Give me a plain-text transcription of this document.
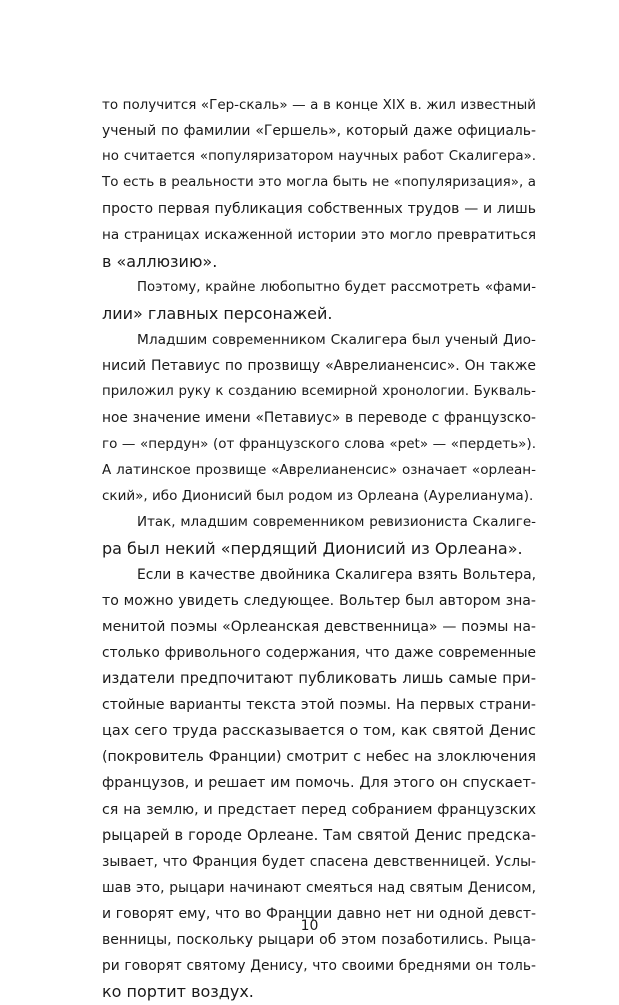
то получится «Гер-скаль» — а в конце XIX в. жил известный
ученый по фамилии «Гершель», который даже официаль-
но считается «популяризатором научных работ Скалигера».
То есть в реальности это могла быть не «популяризация», а
просто первая публикация собственных трудов — и лишь
на страницах искаженной истории это могло превратиться
в «аллюзию».
Поэтому, крайне любопытно будет рассмотреть «фами-
лии» главных персонажей.
Младшим современником Скалигера был ученый Дио-
нисий Петавиус по прозвищу «Аврелианенсис». Он также
приложил руку к созданию всемирной хронологии. Букваль-
ное значение имени «Петавиус» в переводе с французско-
го — «пердун» (от французского слова «pet» — «пердеть»).
А латинское прозвище «Аврелианенсис» означает «орлеан-
ский», ибо Дионисий был родом из Орлеана (Аурелианума).
Итак, младшим современником ревизиониста Скалиге-
ра был некий «пердящий Дионисий из Орлеана».
Если в качестве двойника Скалигера взять Вольтера,
то можно увидеть следующее. Вольтер был автором зна-
менитой поэмы «Орлеанская девственница» — поэмы на-
столько фривольного содержания, что даже современные
издатели предпочитают публиковать лишь самые при-
стойные варианты текста этой поэмы. На первых страни-
цах сего труда рассказывается о том, как святой Денис
(покровитель Франции) смотрит с небес на злоключения
французов, и решает им помочь. Для этого он спускает-
ся на землю, и предстает перед собранием французских
рыцарей в городе Орлеане. Там святой Денис предска-
зывает, что Франция будет спасена девственницей. Услы-
шав это, рыцари начинают смеяться над святым Денисом,
и говорят ему, что во Франции давно нет ни одной девст-
венницы, поскольку рыцари об этом позаботились. Рыца-
ри говорят святому Денису, что своими бреднями он толь-
ко портит воздух.
10
